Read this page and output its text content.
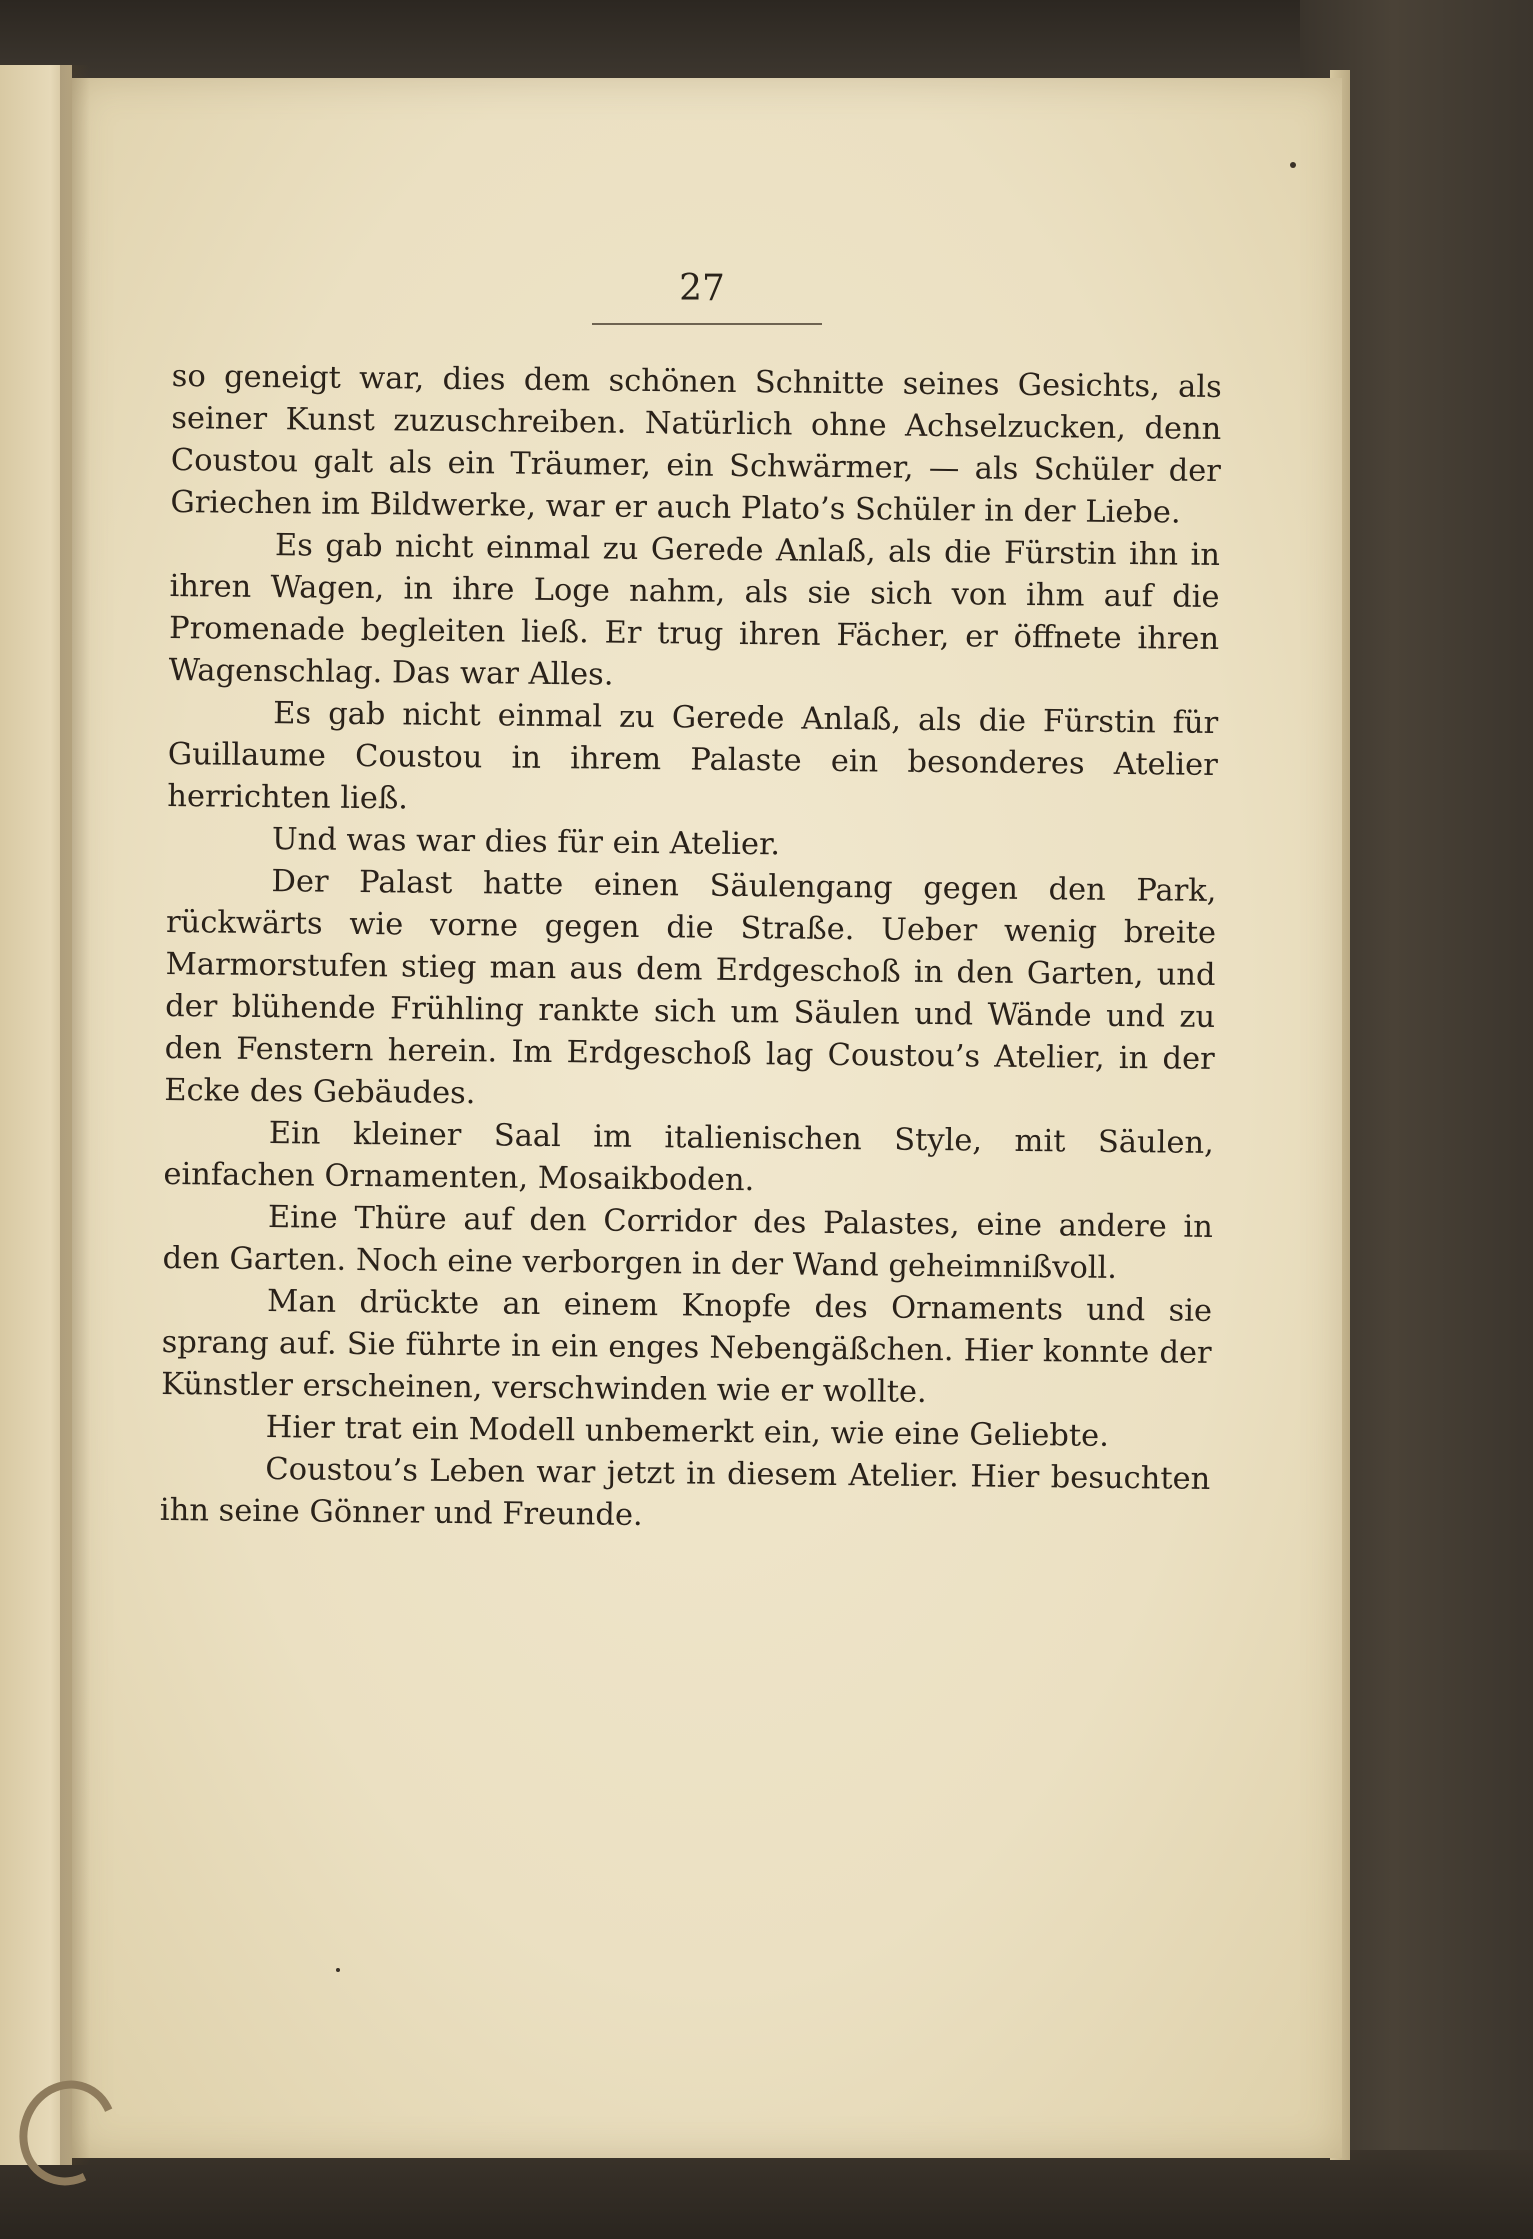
27

so geneigt war, dies dem schönen Schnitte seines Gesichts, als seiner Kunst zuzuschreiben. Natürlich ohne Achselzucken, denn Coustou galt als ein Träumer, ein Schwärmer, — als Schüler der Griechen im Bildwerke, war er auch Plato’s Schüler in der Liebe.

Es gab nicht einmal zu Gerede Anlaß, als die Fürstin ihn in ihren Wagen, in ihre Loge nahm, als sie sich von ihm auf die Promenade begleiten ließ. Er trug ihren Fächer, er öffnete ihren Wagenschlag. Das war Alles.

Es gab nicht einmal zu Gerede Anlaß, als die Fürstin für Guillaume Coustou in ihrem Palaste ein besonderes Atelier herrichten ließ.

Und was war dies für ein Atelier.

Der Palast hatte einen Säulengang gegen den Park, rückwärts wie vorne gegen die Straße. Ueber wenig breite Marmorstufen stieg man aus dem Erdgeschoß in den Garten, und der blühende Frühling rankte sich um Säulen und Wände und zu den Fenstern herein. Im Erdgeschoß lag Coustou’s Atelier, in der Ecke des Gebäudes.

Ein kleiner Saal im italienischen Style, mit Säulen, einfachen Ornamenten, Mosaikboden.

Eine Thüre auf den Corridor des Palastes, eine andere in den Garten. Noch eine verborgen in der Wand geheimnißvoll.

Man drückte an einem Knopfe des Ornaments und sie sprang auf. Sie führte in ein enges Nebengäßchen. Hier konnte der Künstler erscheinen, verschwinden wie er wollte.

Hier trat ein Modell unbemerkt ein, wie eine Geliebte.

Coustou’s Leben war jetzt in diesem Atelier. Hier besuchten ihn seine Gönner und Freunde.
